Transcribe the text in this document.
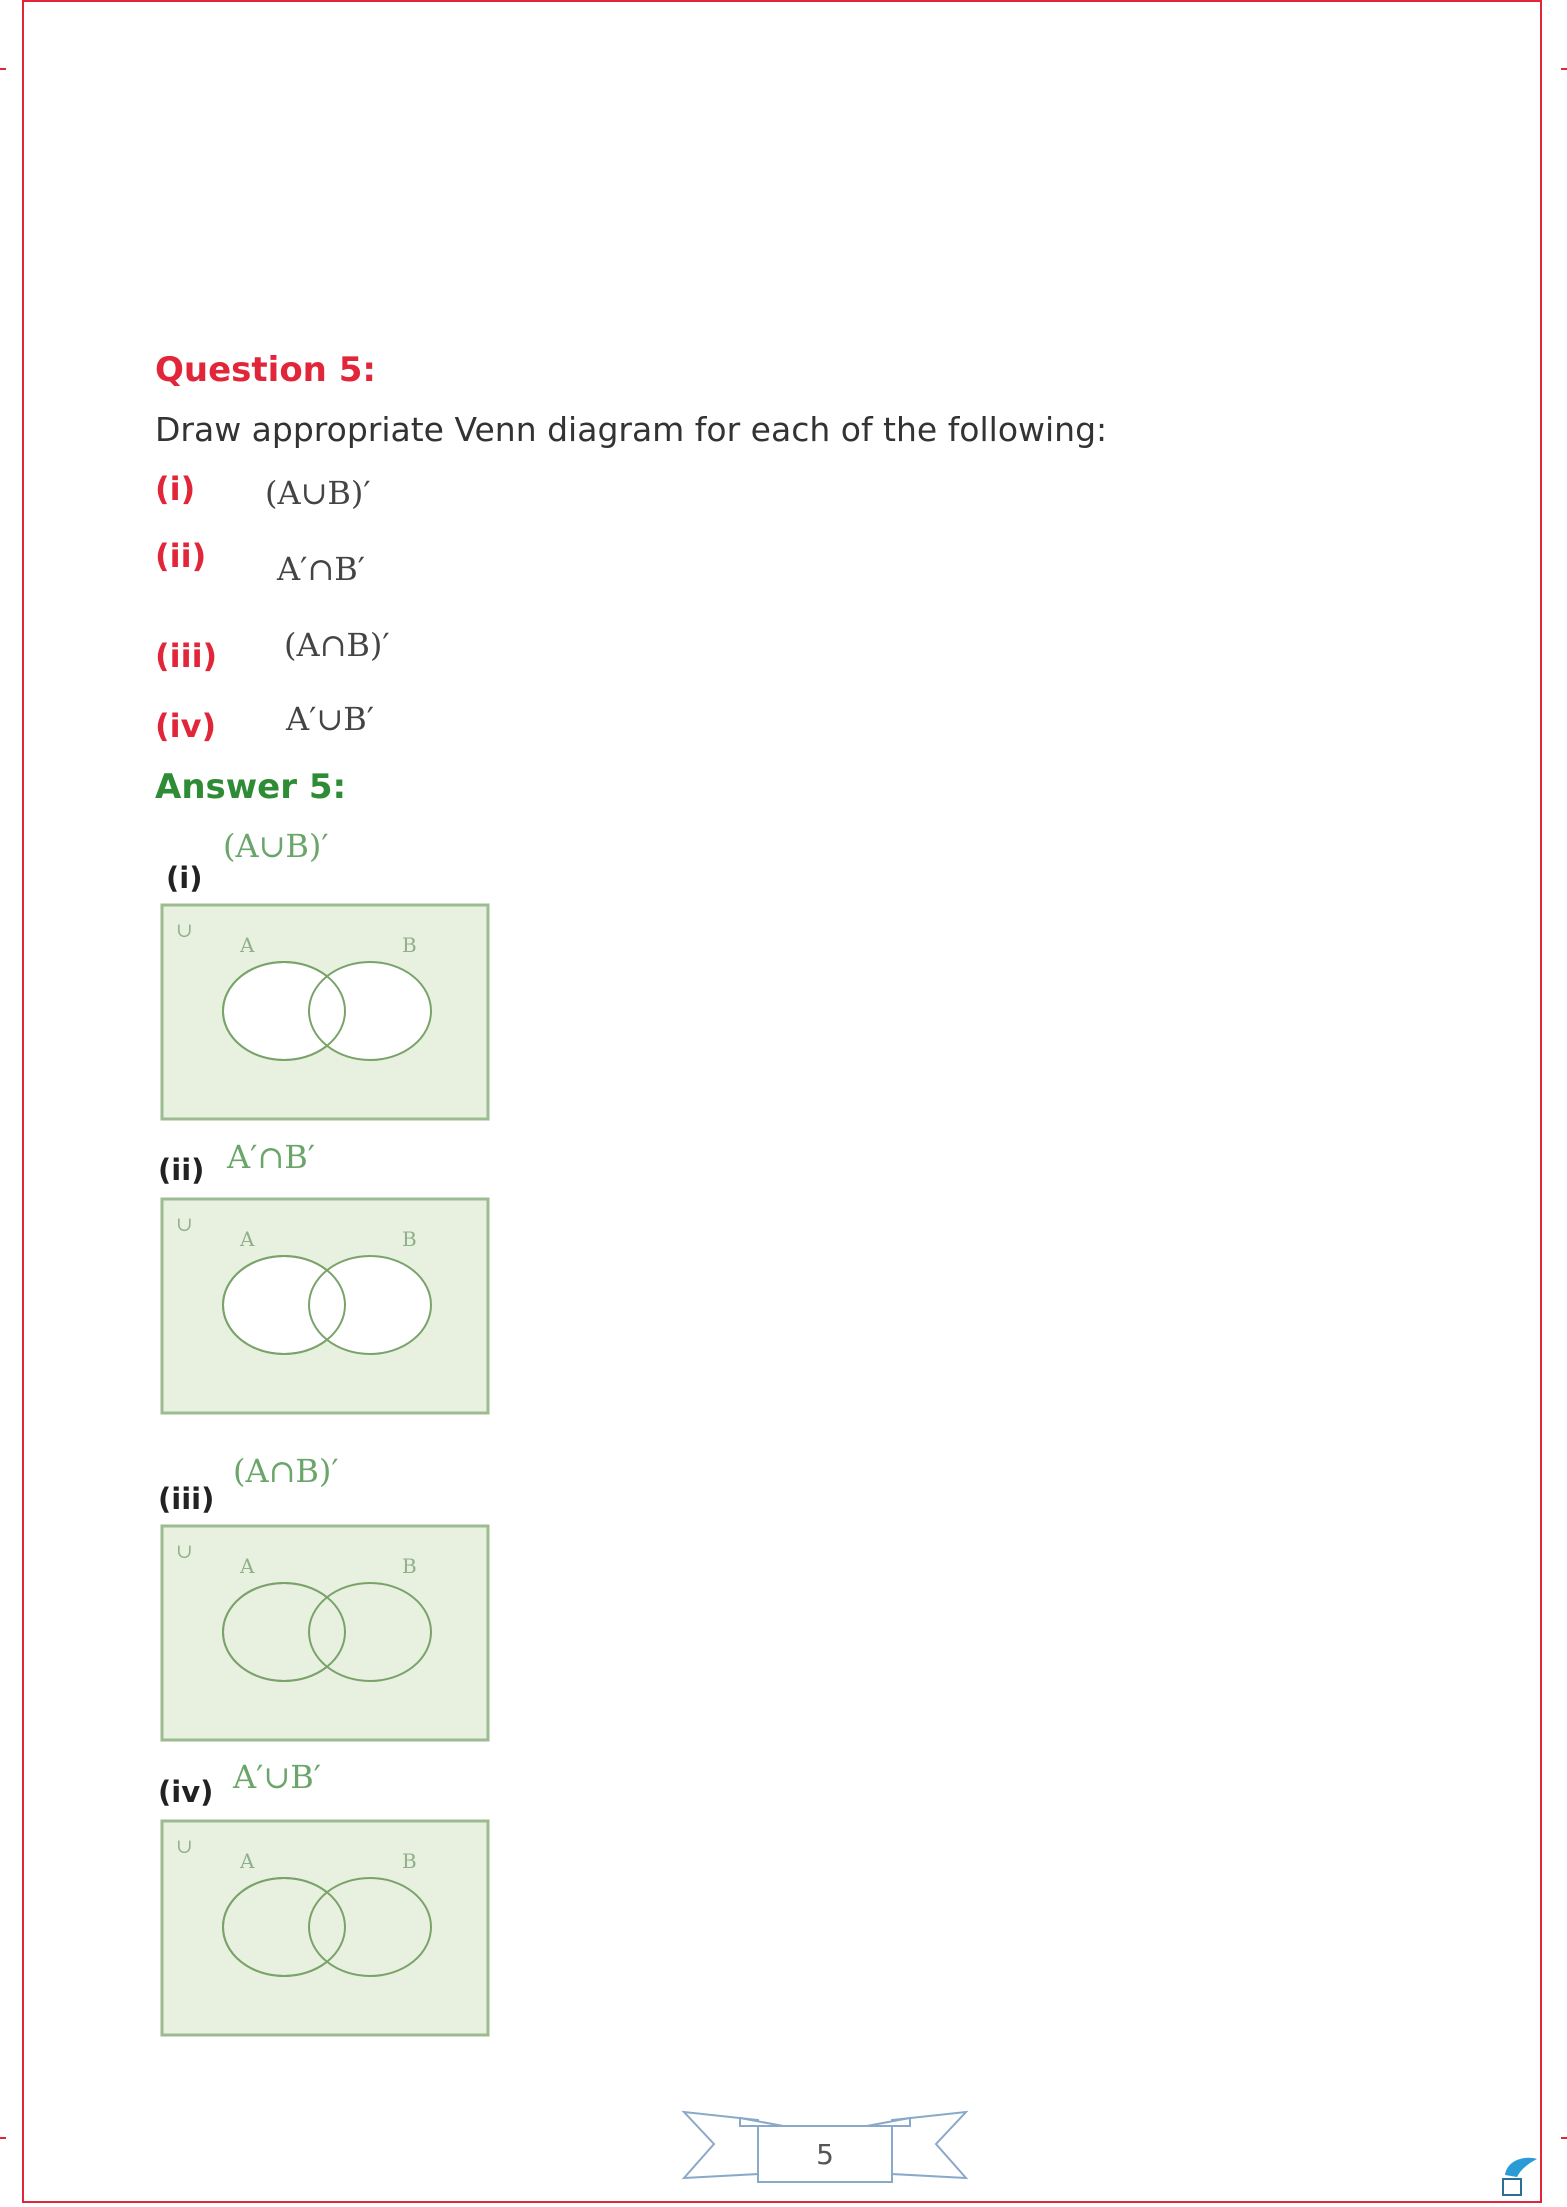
Question 5:
Draw appropriate Venn diagram for each of the following:
(i) (A∪B)′
(ii) A′∩B′
(iii) (A∩B)′
(iv) A′∪B′
Answer 5:
(A∪B)′
(i)
∪
A	B
(ii) A′∩B′
∪
A	B
(A∩B)′
(iii)
∪
A	B
(iv) A′∪B′
∪
A	B
5
